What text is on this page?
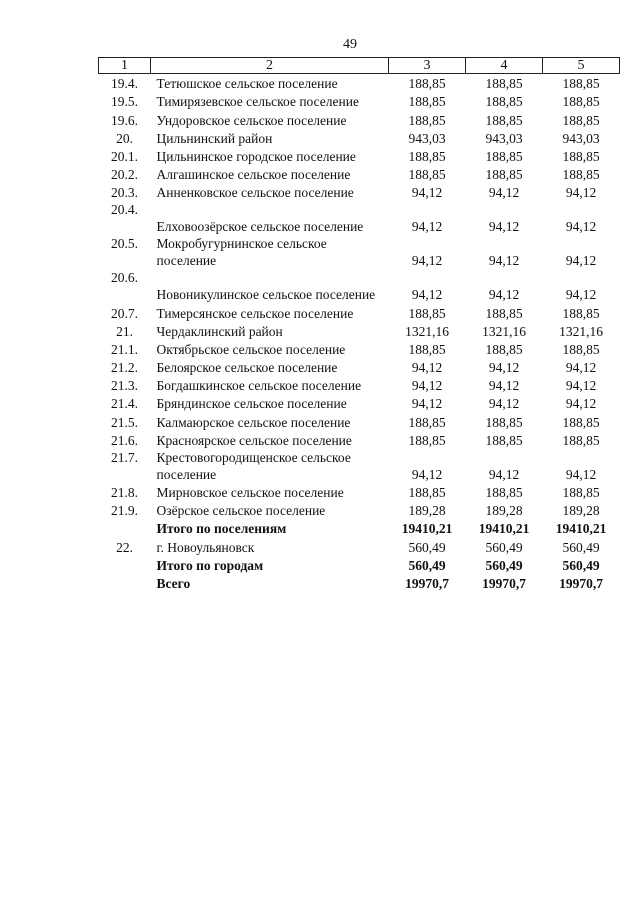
49
1	2	3	4	5
19.4.	Тетюшское сельское поселение	188,85	188,85	188,85
19.5.	Тимирязевское сельское поселение	188,85	188,85	188,85
19.6.	Ундоровское сельское поселение	188,85	188,85	188,85
20.	Цильнинский район	943,03	943,03	943,03
20.1.	Цильнинское городское поселение	188,85	188,85	188,85
20.2.	Алгашинское сельское поселение	188,85	188,85	188,85
20.3.	Анненковское сельское поселение	94,12	94,12	94,12
20.4.	Елховоозёрское сельское поселение	94,12	94,12	94,12
20.5.	Мокробугурнинское сельское поселение	94,12	94,12	94,12
20.6.	Новоникулинское сельское поселение	94,12	94,12	94,12
20.7.	Тимерсянское сельское поселение	188,85	188,85	188,85
21.	Чердаклинский район	1321,16	1321,16	1321,16
21.1.	Октябрьское сельское поселение	188,85	188,85	188,85
21.2.	Белоярское сельское поселение	94,12	94,12	94,12
21.3.	Богдашкинское сельское поселение	94,12	94,12	94,12
21.4.	Бряндинское сельское поселение	94,12	94,12	94,12
21.5.	Калмаюрское сельское поселение	188,85	188,85	188,85
21.6.	Красноярское сельское поселение	188,85	188,85	188,85
21.7.	Крестовогородищенское сельское поселение	94,12	94,12	94,12
21.8.	Мирновское сельское поселение	188,85	188,85	188,85
21.9.	Озёрское сельское поселение	189,28	189,28	189,28
	Итого по поселениям	19410,21	19410,21	19410,21
22.	г. Новоульяновск	560,49	560,49	560,49
	Итого по городам	560,49	560,49	560,49
	Всего	19970,7	19970,7	19970,7
